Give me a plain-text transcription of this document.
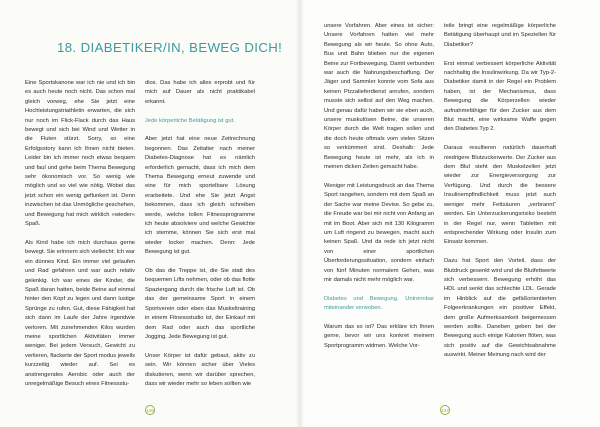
18. DIABETIKER/IN, BEWEG DICH!

Eine Sportskanone war ich nie und ich bin es auch heute noch nicht. Das schon mal gleich vorweg, ehe Sie jetzt eine Hochleistungstriathletin erwarten, die sich nur noch im Flick-Flack durch das Haus bewegt und sich bei Wind und Wetter in die Fluten stürzt. Sorry, so eine Erfolgsstory kann ich Ihnen nicht bieten. Leider bin ich immer noch etwas bequem und faul und gehe beim Thema Bewegung sehr ökonomisch vor. So wenig wie möglich und so viel wie nötig. Wobei das jetzt schon ein wenig geflunkert ist. Denn inzwischen ist das Unmögliche geschehen, und Bewegung hat mich wirklich »wieder« Spaß.

Als Kind habe ich mich durchaus gerne bewegt. Sie erinnern sich vielleicht: Ich war ein dünnes Kind. Ein immer viel gelaufen und Rad gefahren und war auch relativ gelenkig. Ich war eines der Kinder, die Spaß daran hatten, beide Beine auf einmal hinter den Kopf zu legen und dann lustige Sprünge zu rufen. Gut, diese Fähigkeit hat sich dann im Laufe der Jahre irgendwie verloren. Mit zunehmenden Kilos wurden meine sportlichen Aktivitäten immer weniger. Bei jedem Versuch, Gewicht zu verlieren, flackerte der Sport modus jeweils kurzzeitig wieder auf. Sei es anstrengendes Aerobic oder auch der unregelmäßige Besuch eines Fitnessstu-

dios. Das habe ich alles erprobt und für mich auf Dauer als nicht praktikabel erkannt.

Jede körperliche Betätigung ist gut.

Aber jetzt hat eine neue Zeitrechnung begonnen. Das Zeitalter nach meiner Diabetes-Diagnose hat es nämlich erforderlich gemacht, dass ich mich dem Thema Bewegung erneut zuwende und eine für mich sportelbare Lösung erarbeitete. Und ehe Sie jetzt Angst bekommen, dass ich gleich schreiben werde, welche tollen Fitnessprogramme ich heute absolviere und welche Gewichte ich stemme, können Sie sich erst mal wieder locker machen. Denn: Jede Bewegung ist gut.

Ob das die Treppe ist, die Sie statt des bequemen Lifts nehmen, oder ob das flotte Spaziergang durch die frische Luft ist. Ob das der gemeinsame Sport in einem Sportverein oder eben das Muskeltraining in einem Fitnessstudio ist, der Einkauf mit dem Rad oder auch das sportliche Jogging. Jede Bewegung ist gut.

Unser Körper ist dafür gebaut, aktiv zu sein. Wir können sicher über Vieles diskutieren, wenn wir darüber sprechen, dass wir wieder mehr so leben sollten wie

136

unsere Vorfahren. Aber eines ist sicher: Unsere Vorfahren hatten viel mehr Bewegung als wir heute. So ohne Auto, Bus und Bahn blieben nur die eigenen Beine zur Fortbewegung. Damit verbunden war auch die Nahrungsbeschaffung. Der Jäger und Sammler konnte vom Sofa aus keinen Pizzalieferdienst anrufen, sondern musste sich selbst auf den Weg machen. Und genau dafür haben wir sie eben auch, unsere muskulösen Beine, die unseren Körper durch die Welt tragen sollen und die doch heute oftmals vom vielen Sitzen so verkümmert sind. Deshalb: Jede Bewegung heute ist mehr, als ich in meinen dicken Zeiten gemacht habe.

Weniger mit Leistungsdruck an das Thema Sport rangehen, sondern mit dem Spaß an der Sache war meine Devise. So gebe zu, die Freude war bei mir nicht von Anfang an mit im Boot. Aber sich mit 130 Kilogramm um Luft ringend zu bewegen, macht auch keinen Spaß. Und da rede ich jetzt nicht von einer sportlichen Überforderungssituation, sondern einfach von fünf Minuten normalem Gehen, was mir damals nicht mehr möglich war.

Diabetes und Bewegung. Untrennbar miteinander verwoben.

Warum das so ist? Das erkläre ich Ihnen gerne, bevor wir uns konkret meinem Sportprogramm widmen. Welche Vor-

teile bringt eine regelmäßige körperliche Betätigung überhaupt und im Speziellen für Diabetiker?

Erst einmal verbessert körperliche Aktivität nachhaltig die Insulinwirkung. Da wir Typ-2-Diabetiker damit in der Regel ein Problem haben, ist der Mechanismus, dass Bewegung die Körperzellen wieder aufnahmefähiger für den Zucker aus dem Blut macht, eine wirksame Waffe gegen den Diabetes Typ 2.

Daraus resultieren natürlich dauerhaft niedrigere Blutzuckerwerte. Der Zucker aus dem Blut steht den Muskelzellen jetzt wieder zur Energieversorgung zur Verfügung. Und durch die bessere Insulinempfindlichkeit muss jetzt auch weniger mehr Fettsäuren „verbrannt“ werden. Ein Unterzuckerungsrisiko besteht in der Regel nur, wenn Tabletten mit entsprechender Wirkung oder Insulin zum Einsatz kommen.

Dazu hat Sport den Vorteil, dass der Blutdruck gesenkt wird und die Blutfettwerte sich verbessern. Bewegung erhöht das HDL und senkt das schlechte LDL. Gerade im Hinblick auf die gefäßorientierten Folgeerkrankungen ein positiver Effekt, dem große Aufmerksamkeit beigemessen werden sollte. Daneben geben bei der Bewegung auch einige Kalorien flöten, was sich positiv auf die Gewichtsabnahme auswirkt. Meiner Meinung nach wird der

137
